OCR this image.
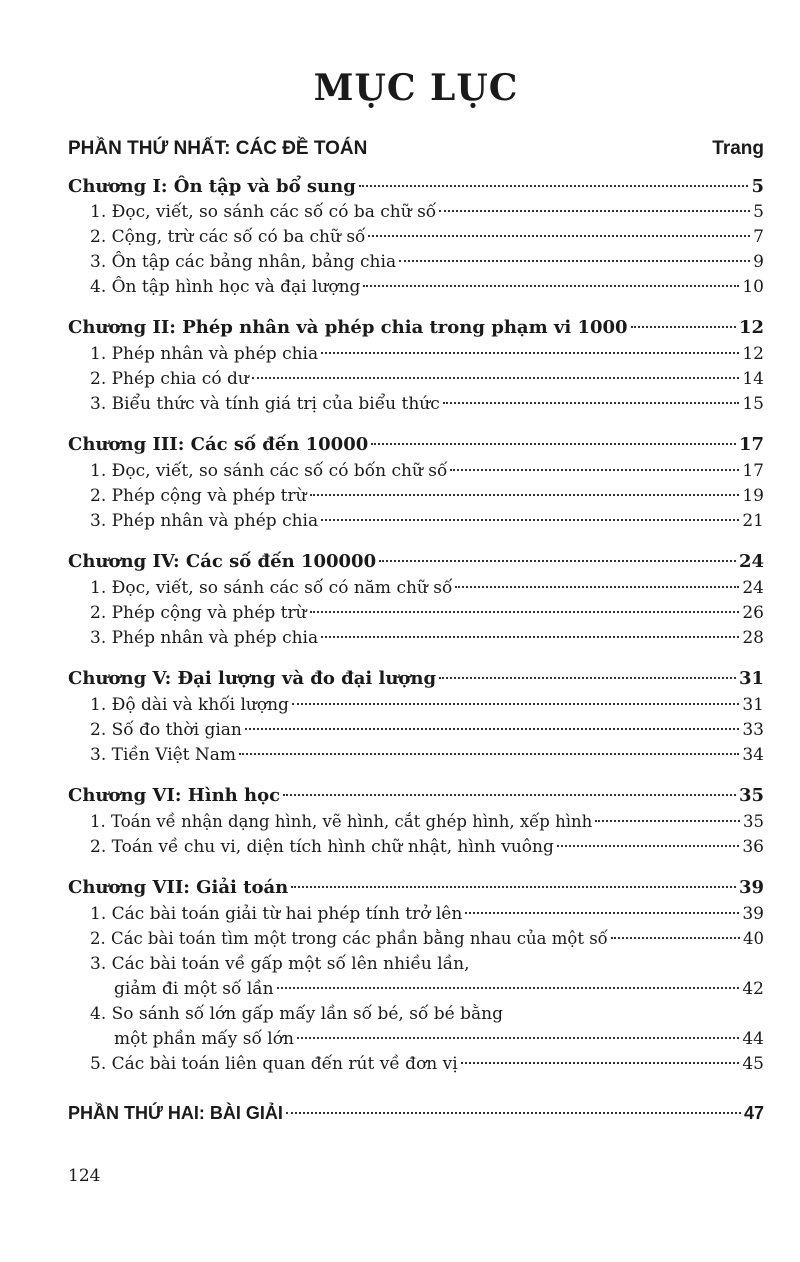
MỤC LỤC
PHẦN THỨ NHẤT: CÁC ĐỀ TOÁN	Trang
Chương I: Ôn tập và bổ sung	5
1. Đọc, viết, so sánh các số có ba chữ số	5
2. Cộng, trừ các số có ba chữ số	7
3. Ôn tập các bảng nhân, bảng chia	9
4. Ôn tập hình học và đại lượng	10
Chương II: Phép nhân và phép chia trong phạm vi 1000	12
1. Phép nhân và phép chia	12
2. Phép chia có dư	14
3. Biểu thức và tính giá trị của biểu thức	15
Chương III: Các số đến 10000	17
1. Đọc, viết, so sánh các số có bốn chữ số	17
2. Phép cộng và phép trừ	19
3. Phép nhân và phép chia	21
Chương IV: Các số đến 100000	24
1. Đọc, viết, so sánh các số có năm chữ số	24
2. Phép cộng và phép trừ	26
3. Phép nhân và phép chia	28
Chương V: Đại lượng và đo đại lượng	31
1. Độ dài và khối lượng	31
2. Số đo thời gian	33
3. Tiền Việt Nam	34
Chương VI: Hình học	35
1. Toán về nhận dạng hình, vẽ hình, cắt ghép hình, xếp hình	35
2. Toán về chu vi, diện tích hình chữ nhật, hình vuông	36
Chương VII: Giải toán	39
1. Các bài toán giải từ hai phép tính trở lên	39
2. Các bài toán tìm một trong các phần bằng nhau của một số	40
3. Các bài toán về gấp một số lên nhiều lần,
giảm đi một số lần	42
4. So sánh số lớn gấp mấy lần số bé, số bé bằng
một phần mấy số lớn	44
5. Các bài toán liên quan đến rút về đơn vị	45
PHẦN THỨ HAI: BÀI GIẢI	47
124
